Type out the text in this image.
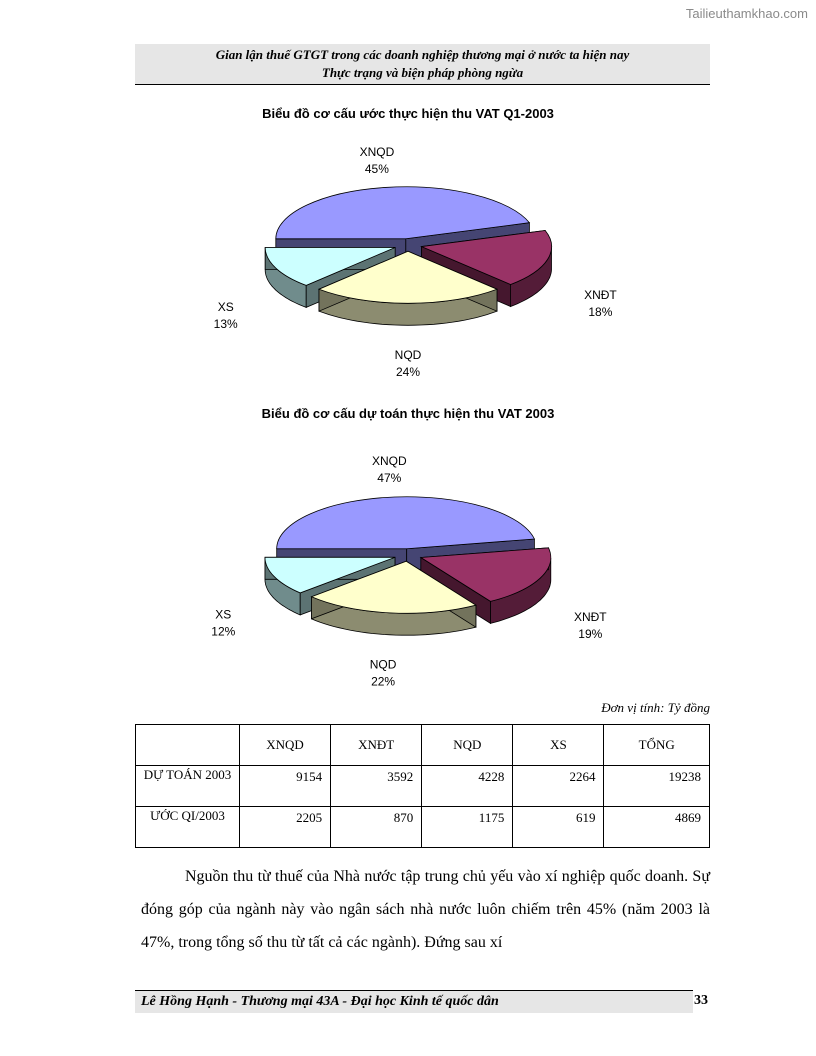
Tailieuthamkhao.com
Gian lận thuế GTGT trong các doanh nghiệp thương mại ở nước ta hiện nay
Thực trạng và biện pháp phòng ngừa
Biểu đồ cơ cấu ước thực hiện thu VAT Q1-2003
XNQD
45%
XNĐT
18%
NQD
24%
XS
13%
Biểu đồ cơ cấu dự toán thực hiện thu VAT 2003
XNQD
47%
XNĐT
19%
NQD
22%
XS
12%
Đơn vị tính: Tỷ đồng
	XNQD	XNĐT	NQD	XS	TỔNG
DỰ TOÁN 2003	9154	3592	4228	2264	19238
ƯỚC QI/2003	2205	870	1175	619	4869

Nguồn thu từ thuế của Nhà nước tập trung chủ yếu vào xí nghiệp quốc doanh. Sự đóng góp của ngành này vào ngân sách nhà nước luôn chiếm trên 45% (năm 2003 là 47%, trong tổng số thu từ tất cả các ngành). Đứng sau xí

Lê Hồng Hạnh - Thương mại 43A - Đại học Kinh tế quốc dân	33
